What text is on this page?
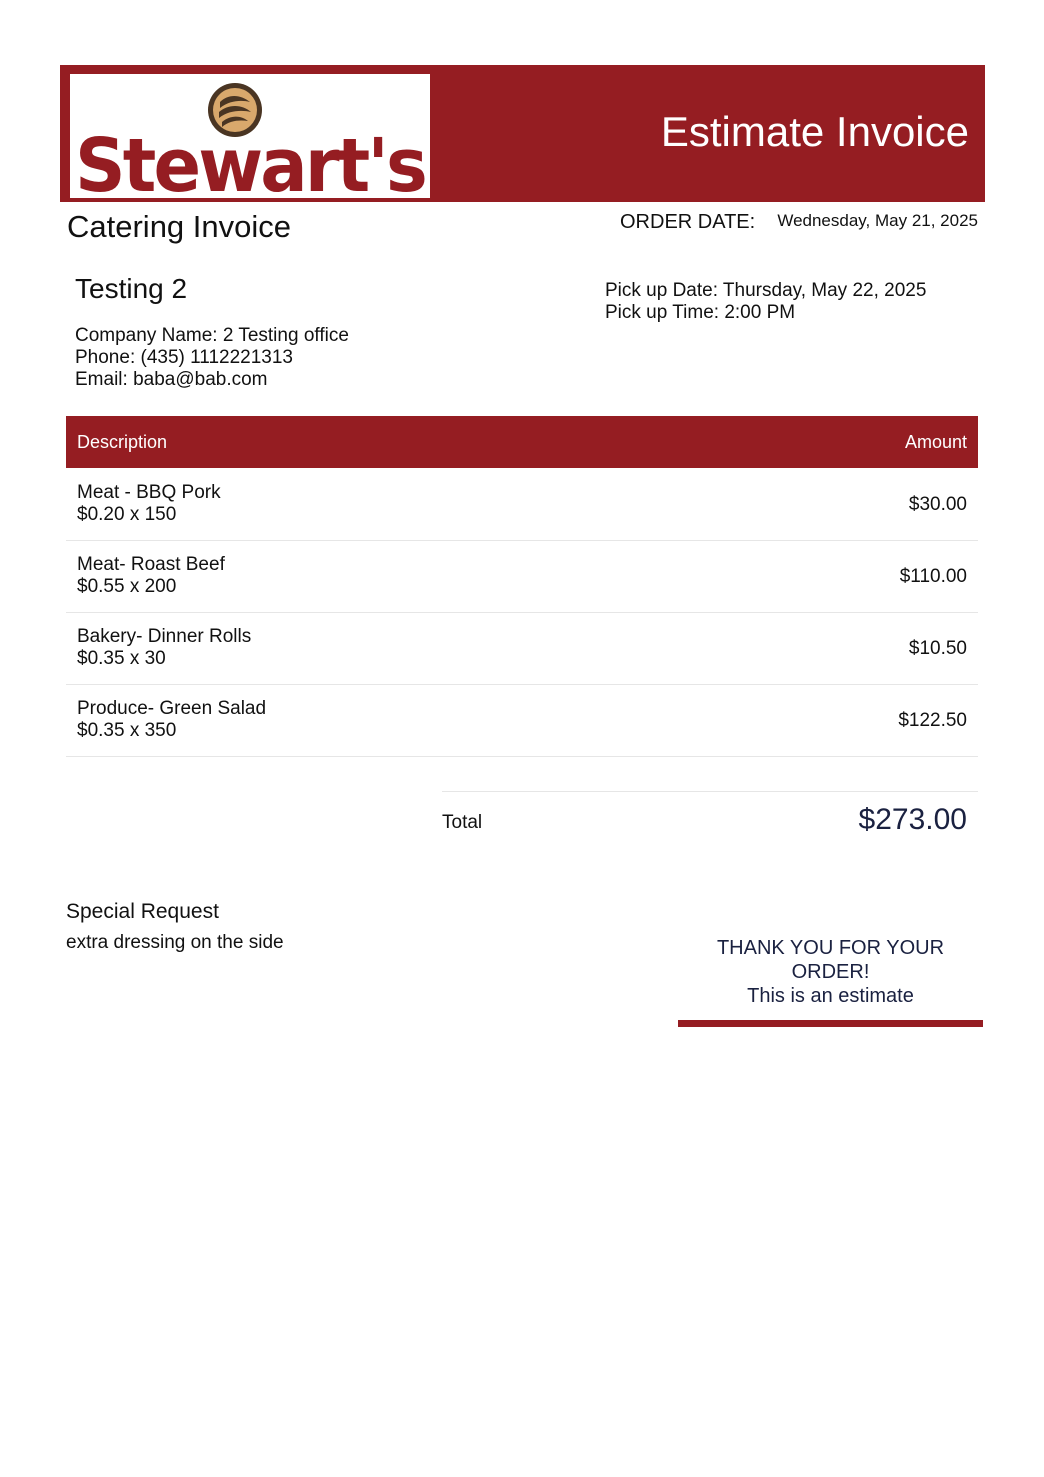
Stewart's	Estimate Invoice
Catering Invoice	ORDER DATE: Wednesday, May 21, 2025
Testing 2
Company Name: 2 Testing office
Phone: (435) 1112221313
Email: baba@bab.com
Pick up Date: Thursday, May 22, 2025
Pick up Time: 2:00 PM
Description	Amount
Meat - BBQ Pork
$0.20 x 150	$30.00
Meat- Roast Beef
$0.55 x 200	$110.00
Bakery- Dinner Rolls
$0.35 x 30	$10.50
Produce- Green Salad
$0.35 x 350	$122.50
Total	$273.00
Special Request
extra dressing on the side	THANK YOU FOR YOUR
ORDER!
This is an estimate
